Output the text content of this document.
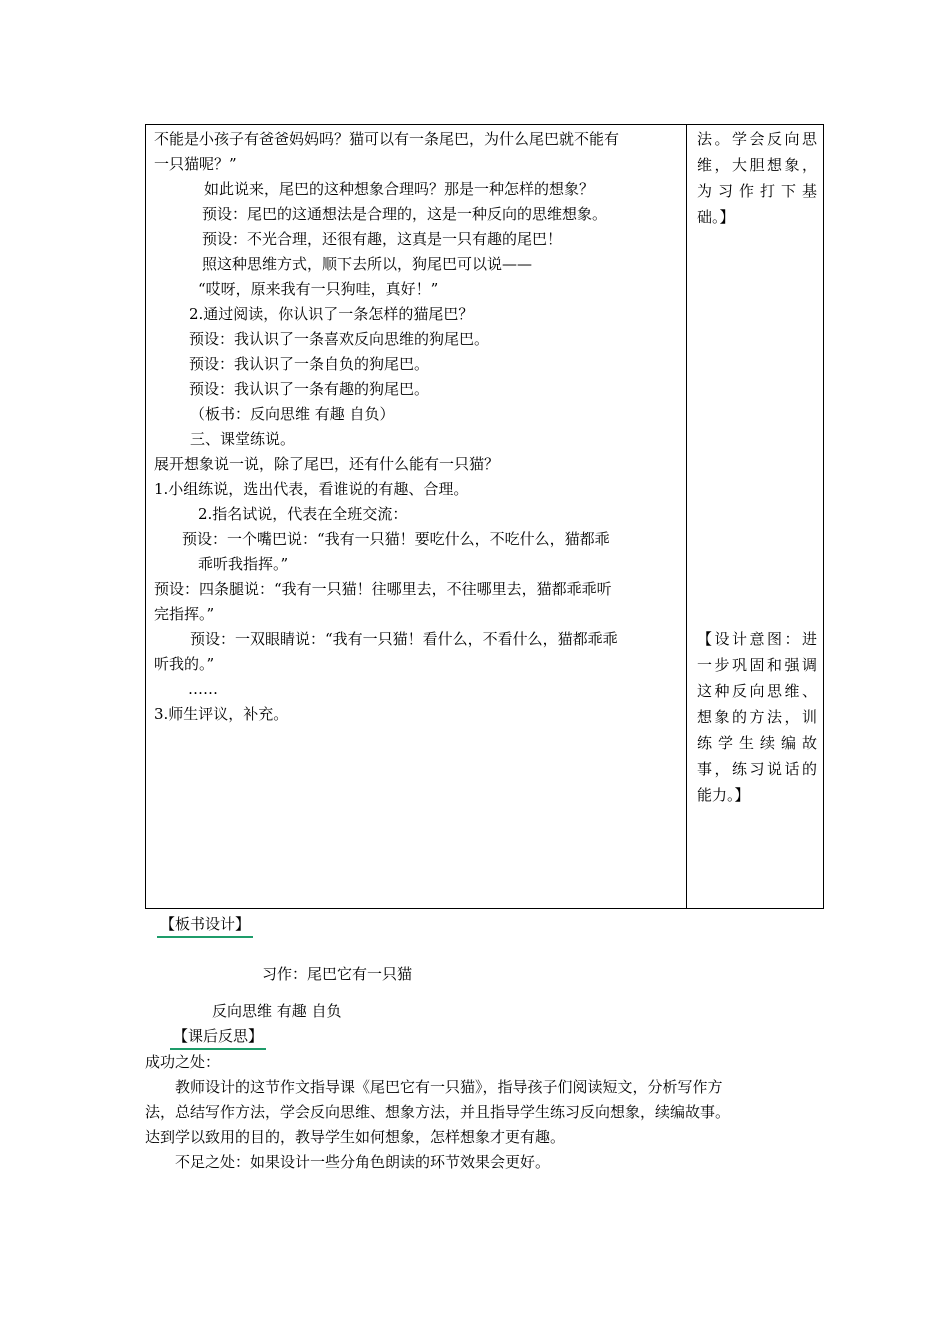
不能是小孩子有爸爸妈妈吗？猫可以有一条尾巴，为什么尾巴就不能有
一只猫呢？”
如此说来，尾巴的这种想象合理吗？那是一种怎样的想象？
预设：尾巴的这通想法是合理的，这是一种反向的思维想象。
预设：不光合理，还很有趣，这真是一只有趣的尾巴！
照这种思维方式，顺下去所以，狗尾巴可以说——
“哎呀，原来我有一只狗哇，真好！”
2.通过阅读，你认识了一条怎样的猫尾巴？
预设：我认识了一条喜欢反向思维的狗尾巴。
预设：我认识了一条自负的狗尾巴。
预设：我认识了一条有趣的狗尾巴。
（板书：反向思维 有趣 自负）
三、课堂练说。
展开想象说一说，除了尾巴，还有什么能有一只猫？
1.小组练说，选出代表，看谁说的有趣、合理。
2.指名试说，代表在全班交流：
预设：一个嘴巴说：“我有一只猫！要吃什么，不吃什么，猫都乖
乖听我指挥。”
预设：四条腿说：“我有一只猫！往哪里去，不往哪里去，猫都乖乖听
完指挥。”
预设：一双眼睛说：“我有一只猫！看什么，不看什么，猫都乖乖
听我的。”
……
3.师生评议，补充。
法。学会反向思
维，大胆想象，
为习作打下基
础。】
【设计意图：进
一步巩固和强调
这种反向思维、
想象的方法，训
练学生续编故
事，练习说话的
能力。】
【板书设计】
习作：尾巴它有一只猫
反向思维 有趣 自负
【课后反思】
成功之处：
教师设计的这节作文指导课《尾巴它有一只猫》，指导孩子们阅读短文，分析写作方
法，总结写作方法，学会反向思维、想象方法，并且指导学生练习反向想象，续编故事。
达到学以致用的目的，教导学生如何想象，怎样想象才更有趣。
不足之处：如果设计一些分角色朗读的环节效果会更好。
